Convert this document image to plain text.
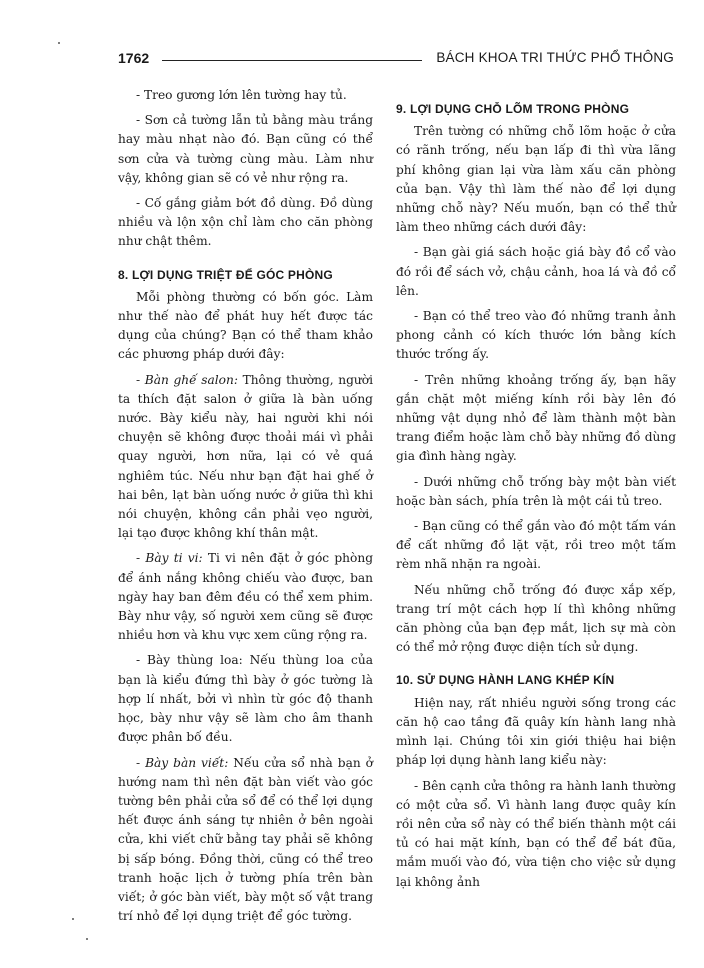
1762	BÁCH KHOA TRI THỨC PHỔ THÔNG

- Treo gương lớn lên tường hay tủ.

- Sơn cả tường lẫn tủ bằng màu trắng hay màu nhạt nào đó. Bạn cũng có thể sơn cửa và tường cùng màu. Làm như vậy, không gian sẽ có vẻ như rộng ra.

- Cố gắng giảm bớt đồ dùng. Đồ dùng nhiều và lộn xộn chỉ làm cho căn phòng như chật thêm.

8. LỢI DỤNG TRIỆT ĐỂ GÓC PHÒNG

Mỗi phòng thường có bốn góc. Làm như thế nào để phát huy hết được tác dụng của chúng? Bạn có thể tham khảo các phương pháp dưới đây:

- Bàn ghế salon: Thông thường, người ta thích đặt salon ở giữa là bàn uống nước. Bày kiểu này, hai người khi nói chuyện sẽ không được thoải mái vì phải quay người, hơn nữa, lại có vẻ quá nghiêm túc. Nếu như bạn đặt hai ghế ở hai bên, lạt bàn uống nước ở giữa thì khi nói chuyện, không cần phải vẹo người, lại tạo được không khí thân mật.

- Bày ti vi: Ti vi nên đặt ở góc phòng để ánh nắng không chiếu vào được, ban ngày hay ban đêm đều có thể xem phim. Bày như vậy, số người xem cũng sẽ được nhiều hơn và khu vực xem cũng rộng ra.

- Bày thùng loa: Nếu thùng loa của bạn là kiểu đứng thì bày ở góc tường là hợp lí nhất, bởi vì nhìn từ góc độ thanh học, bày như vậy sẽ làm cho âm thanh được phân bố đều.

- Bày bàn viết: Nếu cửa sổ nhà bạn ở hướng nam thì nên đặt bàn viết vào góc tường bên phải cửa sổ để có thể lợi dụng hết được ánh sáng tự nhiên ở bên ngoài cửa, khi viết chữ bằng tay phải sẽ không bị sấp bóng. Đồng thời, cũng có thể treo tranh hoặc lịch ở tường phía trên bàn viết; ở góc bàn viết, bày một số vật trang trí nhỏ để lợi dụng triệt để góc tường.

9. LỢI DỤNG CHỖ LÕM TRONG PHÒNG

Trên tường có những chỗ lõm hoặc ở cửa có rãnh trống, nếu bạn lấp đi thì vừa lãng phí không gian lại vừa làm xấu căn phòng của bạn. Vậy thì làm thế nào để lợi dụng những chỗ này? Nếu muốn, bạn có thể thử làm theo những cách dưới đây:

- Bạn gài giá sách hoặc giá bày đồ cổ vào đó rồi để sách vở, chậu cảnh, hoa lá và đồ cổ lên.

- Bạn có thể treo vào đó những tranh ảnh phong cảnh có kích thước lớn bằng kích thước trống ấy.

- Trên những khoảng trống ấy, bạn hãy gắn chặt một miếng kính rồi bày lên đó những vật dụng nhỏ để làm thành một bàn trang điểm hoặc làm chỗ bày những đồ dùng gia đình hàng ngày.

- Dưới những chỗ trống bày một bàn viết hoặc bàn sách, phía trên là một cái tủ treo.

- Bạn cũng có thể gắn vào đó một tấm ván để cất những đồ lặt vặt, rồi treo một tấm rèm nhã nhặn ra ngoài.

Nếu những chỗ trống đó được xắp xếp, trang trí một cách hợp lí thì không những căn phòng của bạn đẹp mắt, lịch sự mà còn có thể mở rộng được diện tích sử dụng.

10. SỬ DỤNG HÀNH LANG KHÉP KÍN

Hiện nay, rất nhiều người sống trong các căn hộ cao tầng đã quây kín hành lang nhà mình lại. Chúng tôi xin giới thiệu hai biện pháp lợi dụng hành lang kiểu này:

- Bên cạnh cửa thông ra hành lanh thường có một cửa sổ. Vì hành lang được quây kín rồi nên cửa sổ này có thể biến thành một cái tủ có hai mặt kính, bạn có thể để bát đũa, mắm muối vào đó, vừa tiện cho việc sử dụng lại không ảnh
